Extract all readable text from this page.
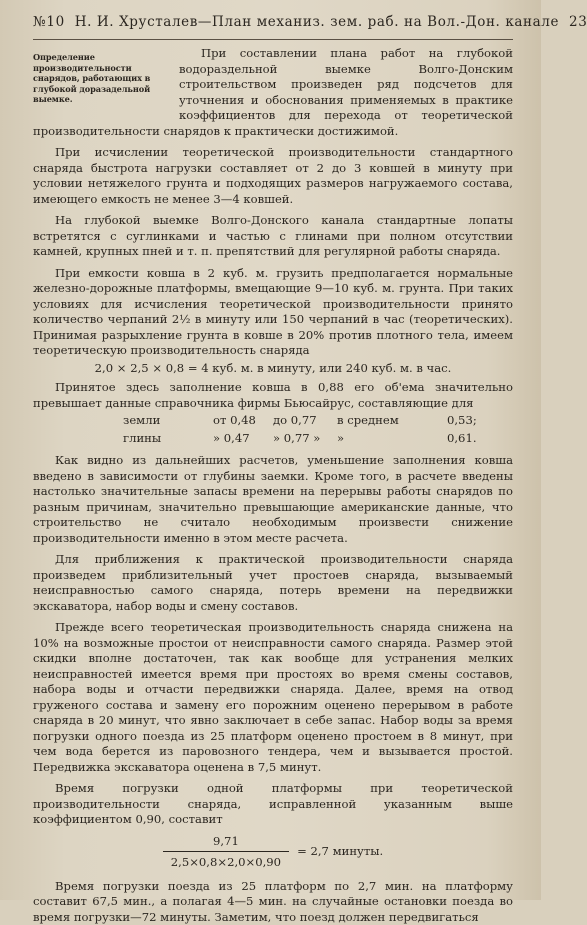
№10 Н. И. Хрусталев—План механиз. зем. раб. на Вол.-Дон. канале 23
Определение производительности снарядов, работающих в глубокой доразадельной выемке.

При составлении плана работ на глубокой водораздельной выемке Волго-Донским строительством произведен ряд подсчетов для уточнения и обоснования применяемых в практике коэффициентов для перехода от теоретической производительности снарядов к практически достижимой.

При исчислении теоретической производительности стандартного снаряда быстрота нагрузки составляет от 2 до 3 ковшей в минуту при условии нетяжелого грунта и подходящих размеров нагружаемого состава, имеющего емкость не менее 3—4 ковшей.

На глубокой выемке Волго-Донского канала стандартные лопаты встретятся с суглинками и частью с глинами при полном отсутствии камней, крупных пней и т. п. препятствий для регулярной работы снаряда.

При емкости ковша в 2 куб. м. грузить предполагается нормальные железно-дорожные платформы, вмещающие 9—10 куб. м. грунта. При таких условиях для исчисления теоретической производительности принято количество черпаний 2½ в минуту или 150 черпаний в час (теоретических). Принимая разрыхление грунта в ковше в 20% против плотного тела, имеем теоретическую производительность снаряда

2,0 × 2,5 × 0,8 = 4 куб. м. в минуту, или 240 куб. м. в час.

Принятое здесь заполнение ковша в 0,88 его об'ема значительно превышает данные справочника фирмы Бьюсайрус, составляющие для

земли	от 0,48	до 0,77	в среднем	0,53;
глины	» 0,47	» 0,77 »	»	0,61.

Как видно из дальнейших расчетов, уменьшение заполнения ковша введено в зависимости от глубины заемки. Кроме того, в расчете введены настолько значительные запасы времени на перерывы работы снарядов по разным причинам, значительно превышающие американские данные, что строительство не считало необходимым произвести снижение производительности именно в этом месте расчета.

Для приближения к практической производительности снаряда произведем приблизительный учет простоев снаряда, вызываемый неисправностью самого снаряда, потерь времени на передвижки экскаватора, набор воды и смену составов.

Прежде всего теоретическая производительность снаряда снижена на 10% на возможные простои от неисправности самого снаряда. Размер этой скидки вполне достаточен, так как вообще для устранения мелких неисправностей имеется время при простоях во время смены составов, набора воды и отчасти передвижки снаряда. Далее, время на отвод груженого состава и замену его порожним оценено перерывом в работе снаряда в 20 минут, что явно заключает в себе запас. Набор воды за время погрузки одного поезда из 25 платформ оценено простоем в 8 минут, при чем вода берется из паровозного тендера, чем и вызывается простой. Передвижка экскаватора оценена в 7,5 минут.

Время погрузки одной платформы при теоретической производительности снаряда, исправленной указанным выше коэффициентом 0,90, составит

$\frac{9,71}{2,5\times 0,8\times 2,0\times 0,90} = 2,7$ минуты.

Время погрузки поезда из 25 платформ по 2,7 мин. на платформу составит 67,5 мин., а полагая 4—5 мин. на случайные остановки поезда во время погрузки—72 минуты. Заметим, что поезд должен передвигаться
